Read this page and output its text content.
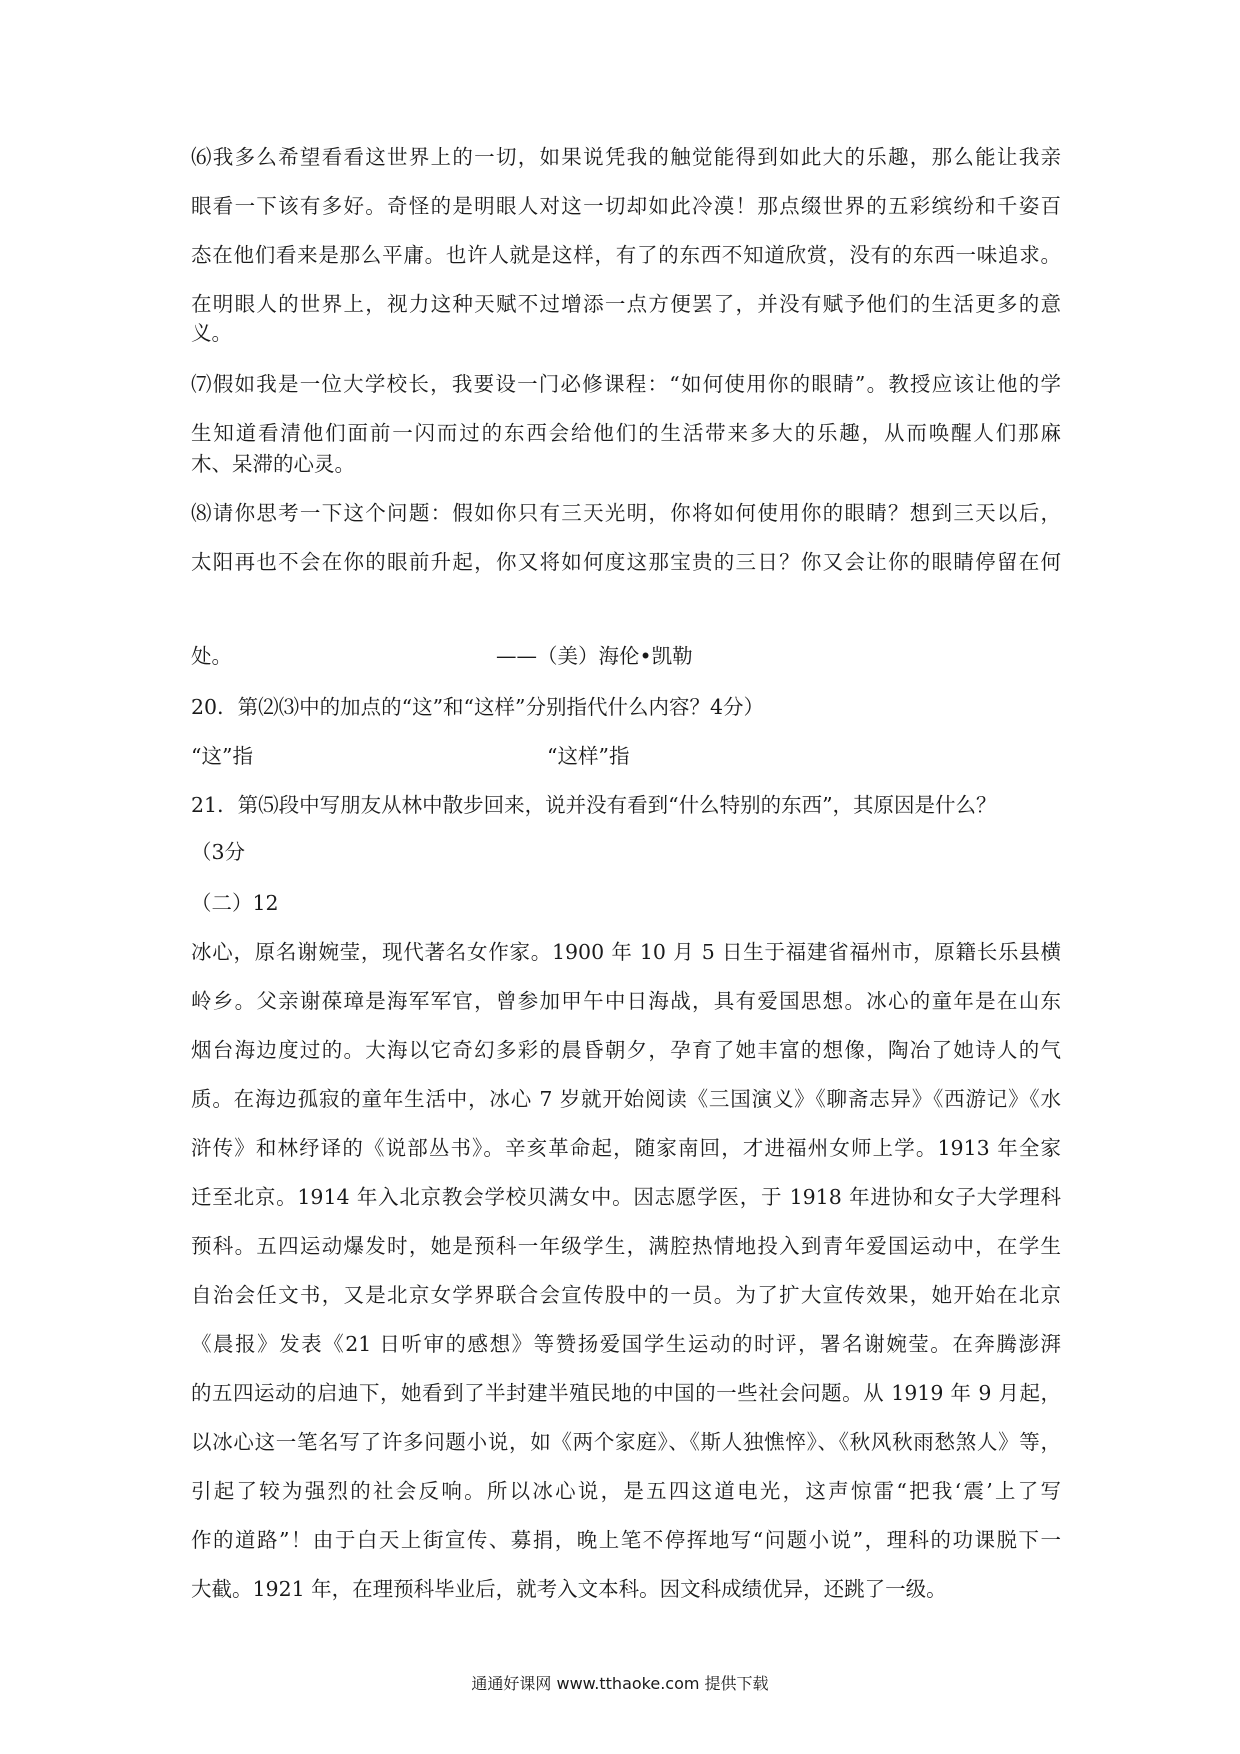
⑹我多么希望看看这世界上的一切，如果说凭我的触觉能得到如此大的乐趣，那么能让我亲
眼看一下该有多好。奇怪的是明眼人对这一切却如此冷漠！那点缀世界的五彩缤纷和千姿百
态在他们看来是那么平庸。也许人就是这样，有了的东西不知道欣赏，没有的东西一味追求。
在明眼人的世界上，视力这种天赋不过增添一点方便罢了，并没有赋予他们的生活更多的意
义。
⑺假如我是一位大学校长，我要设一门必修课程：“如何使用你的眼睛”。教授应该让他的学
生知道看清他们面前一闪而过的东西会给他们的生活带来多大的乐趣，从而唤醒人们那麻
木、呆滞的心灵。
⑻请你思考一下这个问题：假如你只有三天光明，你将如何使用你的眼睛？想到三天以后，
太阳再也不会在你的眼前升起，你又将如何度这那宝贵的三日？你又会让你的眼睛停留在何
处。	——（美）海伦•凯勒
20．第⑵⑶中的加点的“这”和“这样”分别指代什么内容？4分）
“这”指	“这样”指
21．第⑸段中写朋友从林中散步回来，说并没有看到“什么特别的东西”，其原因是什么？
（3分
（二）12
冰心，原名谢婉莹，现代著名女作家。1900 年 10 月 5 日生于福建省福州市，原籍长乐县横
岭乡。父亲谢葆璋是海军军官，曾参加甲午中日海战，具有爱国思想。冰心的童年是在山东
烟台海边度过的。大海以它奇幻多彩的晨昏朝夕，孕育了她丰富的想像，陶冶了她诗人的气
质。在海边孤寂的童年生活中，冰心 7 岁就开始阅读《三国演义》《聊斋志异》《西游记》《水
浒传》和林纾译的《说部丛书》。辛亥革命起，随家南回，才进福州女师上学。1913 年全家
迁至北京。1914 年入北京教会学校贝满女中。因志愿学医，于 1918 年进协和女子大学理科
预科。五四运动爆发时，她是预科一年级学生，满腔热情地投入到青年爱国运动中，在学生
自治会任文书，又是北京女学界联合会宣传股中的一员。为了扩大宣传效果，她开始在北京
《晨报》发表《21 日听审的感想》等赞扬爱国学生运动的时评，署名谢婉莹。在奔腾澎湃
的五四运动的启迪下，她看到了半封建半殖民地的中国的一些社会问题。从 1919 年 9 月起，
以冰心这一笔名写了许多问题小说，如《两个家庭》、《斯人独憔悴》、《秋风秋雨愁煞人》等，
引起了较为强烈的社会反响。所以冰心说，是五四这道电光，这声惊雷“把我‘震’上了写
作的道路”！由于白天上街宣传、募捐，晚上笔不停挥地写“问题小说”，理科的功课脱下一
大截。1921 年，在理预科毕业后，就考入文本科。因文科成绩优异，还跳了一级。
通通好课网 www.tthaoke.com 提供下载
